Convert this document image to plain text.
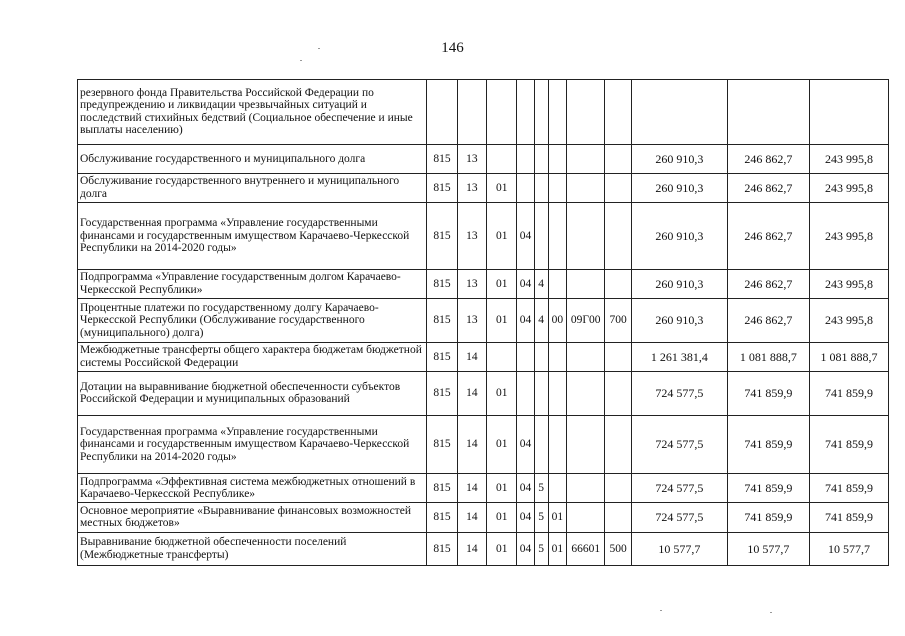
146
резервного фонда Правительства Российской Федерации по предупреждению и ликвидации чрезвычайных ситуаций и последствий стихийных бедствий (Социальное обеспечение и иные выплаты населению)											
Обслуживание государственного и муниципального долга	815	13							260 910,3	246 862,7	243 995,8
Обслуживание государственного внутреннего и муниципального долга	815	13	01						260 910,3	246 862,7	243 995,8
Государственная программа «Управление государственными финансами и государственным имуществом Карачаево-Черкесской Республики на 2014-2020 годы»	815	13	01	04					260 910,3	246 862,7	243 995,8
Подпрограмма «Управление государственным долгом Карачаево-Черкесской Республики»	815	13	01	04	4				260 910,3	246 862,7	243 995,8
Процентные платежи по государственному долгу Карачаево-Черкесской Республики (Обслуживание государственного (муниципального) долга)	815	13	01	04	4	00	09Г00	700	260 910,3	246 862,7	243 995,8
Межбюджетные трансферты общего характера бюджетам бюджетной системы Российской Федерации	815	14							1 261 381,4	1 081 888,7	1 081 888,7
Дотации на выравнивание бюджетной обеспеченности субъектов Российской Федерации и муниципальных образований	815	14	01						724 577,5	741 859,9	741 859,9
Государственная программа «Управление государственными финансами и государственным имуществом Карачаево-Черкесской Республики на 2014-2020 годы»	815	14	01	04					724 577,5	741 859,9	741 859,9
Подпрограмма «Эффективная система межбюджетных отношений в Карачаево-Черкесской Республике»	815	14	01	04	5				724 577,5	741 859,9	741 859,9
Основное мероприятие «Выравнивание финансовых возможностей местных бюджетов»	815	14	01	04	5	01			724 577,5	741 859,9	741 859,9
Выравнивание бюджетной обеспеченности поселений (Межбюджетные трансферты)	815	14	01	04	5	01	66601	500	10 577,7	10 577,7	10 577,7
